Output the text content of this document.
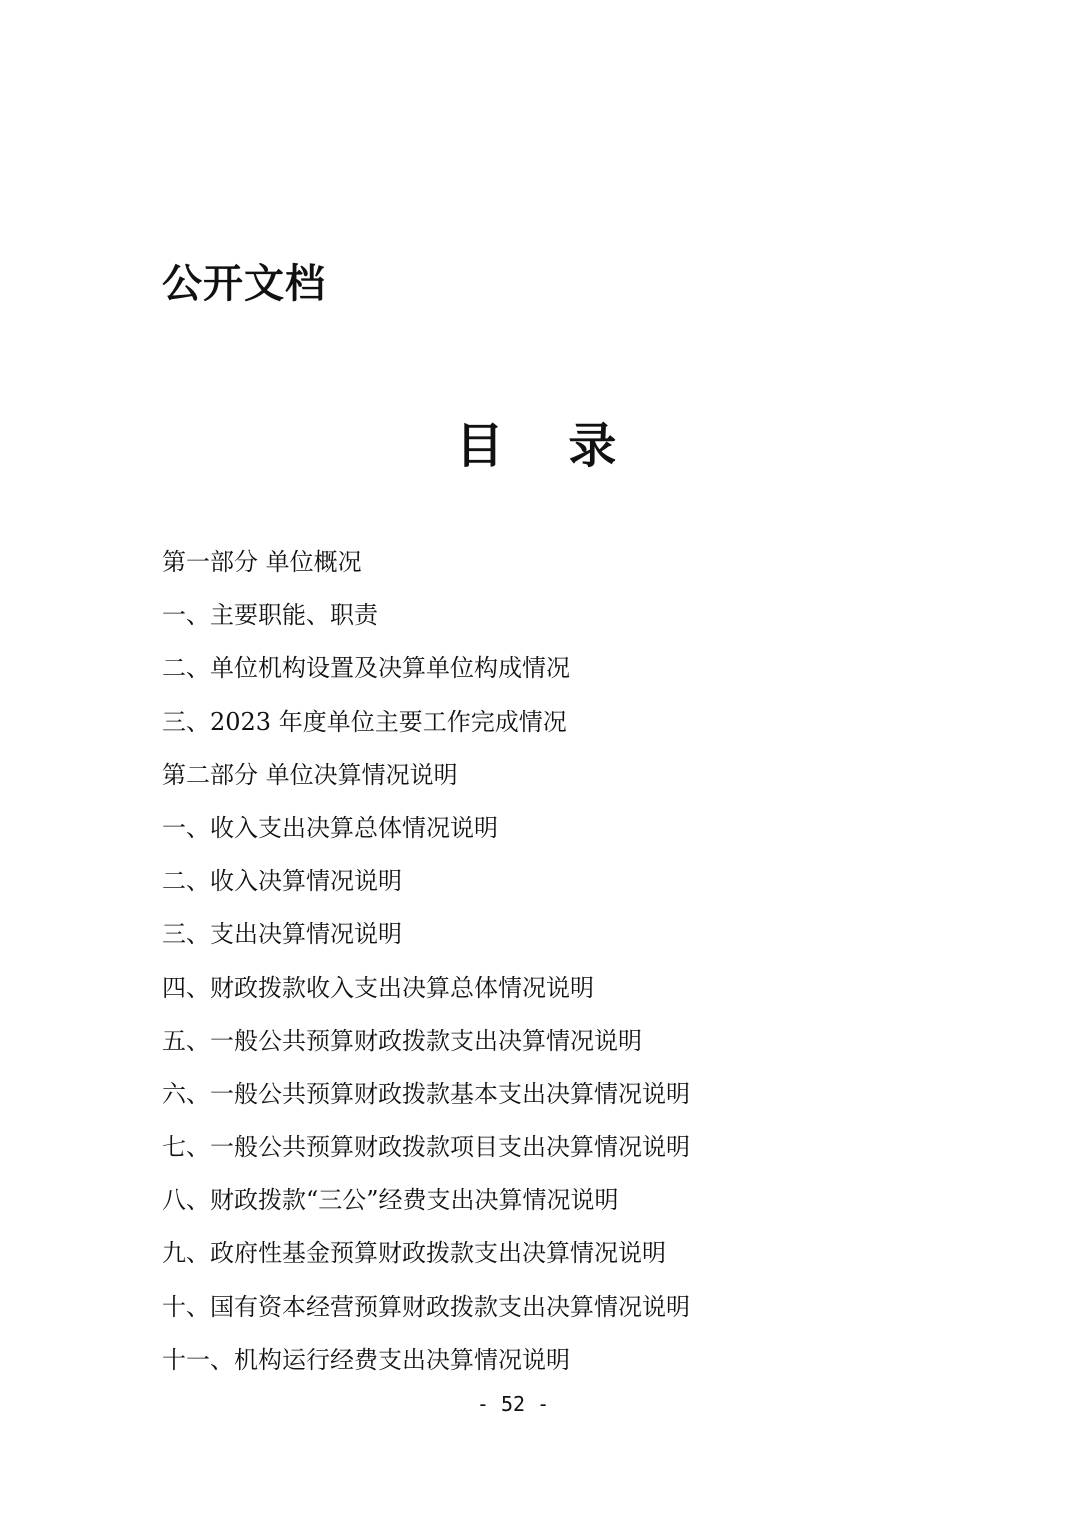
公开文档
目 录
第一部分 单位概况
一、主要职能、职责
二、单位机构设置及决算单位构成情况
三、2023 年度单位主要工作完成情况
第二部分 单位决算情况说明
一、收入支出决算总体情况说明
二、收入决算情况说明
三、支出决算情况说明
四、财政拨款收入支出决算总体情况说明
五、一般公共预算财政拨款支出决算情况说明
六、一般公共预算财政拨款基本支出决算情况说明
七、一般公共预算财政拨款项目支出决算情况说明
八、财政拨款“三公”经费支出决算情况说明
九、政府性基金预算财政拨款支出决算情况说明
十、国有资本经营预算财政拨款支出决算情况说明
十一、机构运行经费支出决算情况说明
- 52 -
